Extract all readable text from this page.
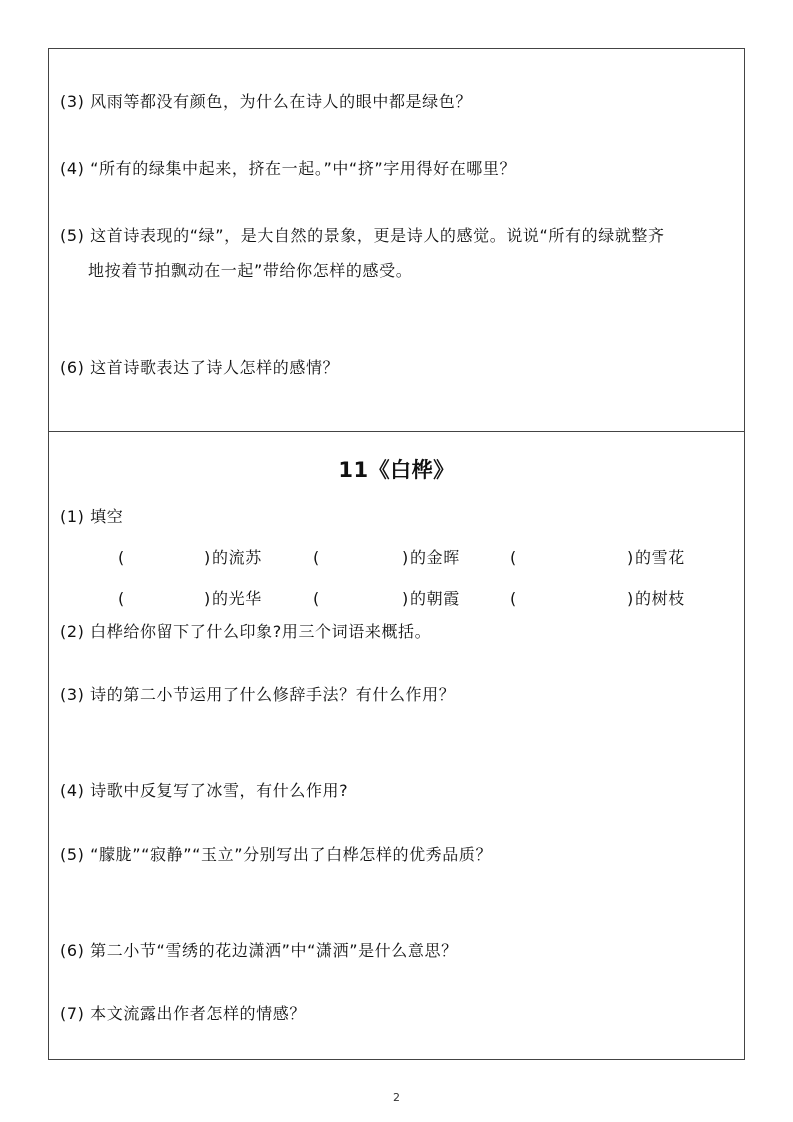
(3) 风雨等都没有颜色，为什么在诗人的眼中都是绿色？
(4) “所有的绿集中起来，挤在一起。”中“挤”字用得好在哪里？
(5) 这首诗表现的“绿”，是大自然的景象，更是诗人的感觉。说说“所有的绿就整齐
地按着节拍飘动在一起”带给你怎样的感受。
(6) 这首诗歌表达了诗人怎样的感情？
11《白桦》
(1) 填空
(	) 的流苏	(	) 的金晖	(	) 的雪花
(	) 的光华	(	) 的朝霞	(	) 的树枝
(2) 白桦给你留下了什么印象?用三个词语来概括。
(3) 诗的第二小节运用了什么修辞手法？有什么作用？
(4) 诗歌中反复写了冰雪，有什么作用?
(5) “朦胧”“寂静”“玉立”分别写出了白桦怎样的优秀品质？
(6) 第二小节“雪绣的花边潇洒”中“潇洒”是什么意思？
(7) 本文流露出作者怎样的情感？
2
